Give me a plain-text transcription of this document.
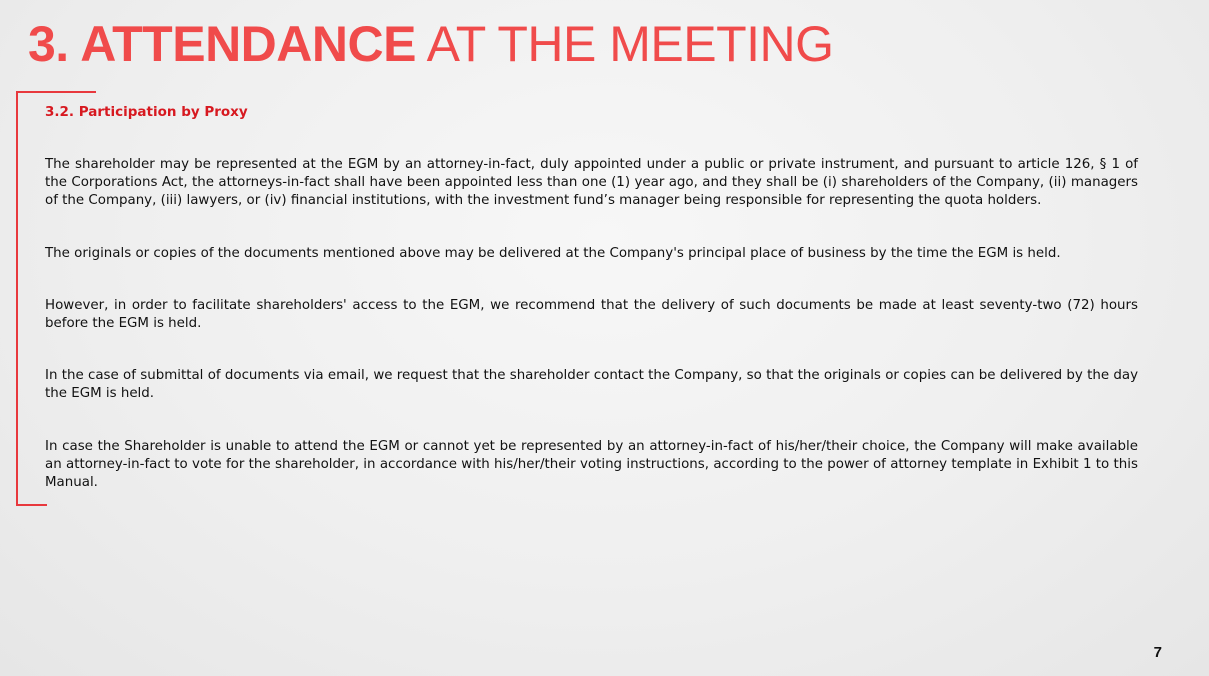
3. ATTENDANCE AT THE MEETING
3.2. Participation by Proxy

The shareholder may be represented at the EGM by an attorney-in-fact, duly appointed under a public or private instrument, and pursuant to article 126, § 1 of the Corporations Act, the attorneys-in-fact shall have been appointed less than one (1) year ago, and they shall be (i) shareholders of the Company, (ii) managers of the Company, (iii) lawyers, or (iv) financial institutions, with the investment fund’s manager being responsible for representing the quota holders.

The originals or copies of the documents mentioned above may be delivered at the Company's principal place of business by the time the EGM is held.

However, in order to facilitate shareholders' access to the EGM, we recommend that the delivery of such documents be made at least seventy-two (72) hours before the EGM is held.

In the case of submittal of documents via email, we request that the shareholder contact the Company, so that the originals or copies can be delivered by the day the EGM is held.

In case the Shareholder is unable to attend the EGM or cannot yet be represented by an attorney-in-fact of his/her/their choice, the Company will make available an attorney-in-fact to vote for the shareholder, in accordance with his/her/their voting instructions, according to the power of attorney template in Exhibit 1 to this Manual.

7
